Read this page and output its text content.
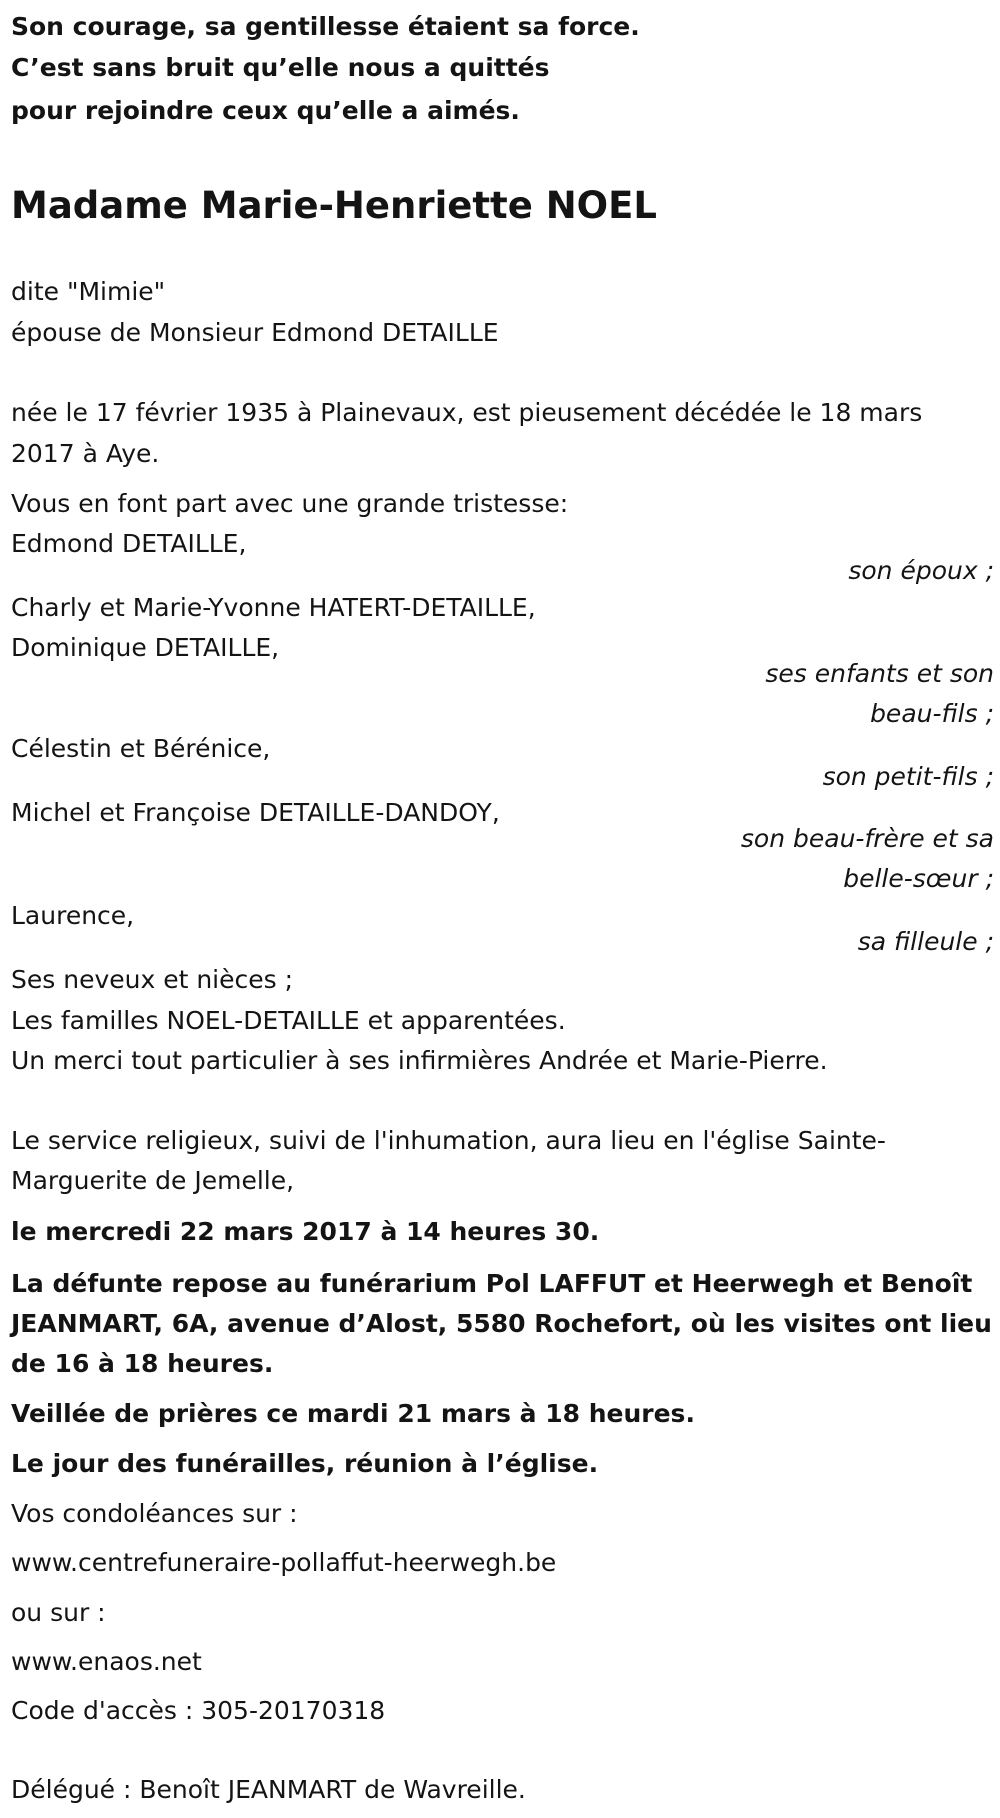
Son courage, sa gentillesse étaient sa force.
C’est sans bruit qu’elle nous a quittés
pour rejoindre ceux qu’elle a aimés.
Madame Marie-Henriette NOEL
dite "Mimie"
épouse de Monsieur Edmond DETAILLE
née le 17 février 1935 à Plainevaux, est pieusement décédée le 18 mars
2017 à Aye.
Vous en font part avec une grande tristesse:
Edmond DETAILLE,
son époux ;
Charly et Marie-Yvonne HATERT-DETAILLE,
Dominique DETAILLE,
ses enfants et son
beau-fils ;
Célestin et Bérénice,
son petit-fils ;
Michel et Françoise DETAILLE-DANDOY,
son beau-frère et sa
belle-sœur ;
Laurence,
sa filleule ;
Ses neveux et nièces ;
Les familles NOEL-DETAILLE et apparentées.
Un merci tout particulier à ses infirmières Andrée et Marie-Pierre.
Le service religieux, suivi de l'inhumation, aura lieu en l'église Sainte-
Marguerite de Jemelle,
le mercredi 22 mars 2017 à 14 heures 30.
La défunte repose au funérarium Pol LAFFUT et Heerwegh et Benoît
JEANMART, 6A, avenue d’Alost, 5580 Rochefort, où les visites ont lieu
de 16 à 18 heures.
Veillée de prières ce mardi 21 mars à 18 heures.
Le jour des funérailles, réunion à l’église.
Vos condoléances sur :
www.centrefuneraire-pollaffut-heerwegh.be
ou sur :
www.enaos.net
Code d'accès : 305-20170318
Délégué : Benoît JEANMART de Wavreille.
